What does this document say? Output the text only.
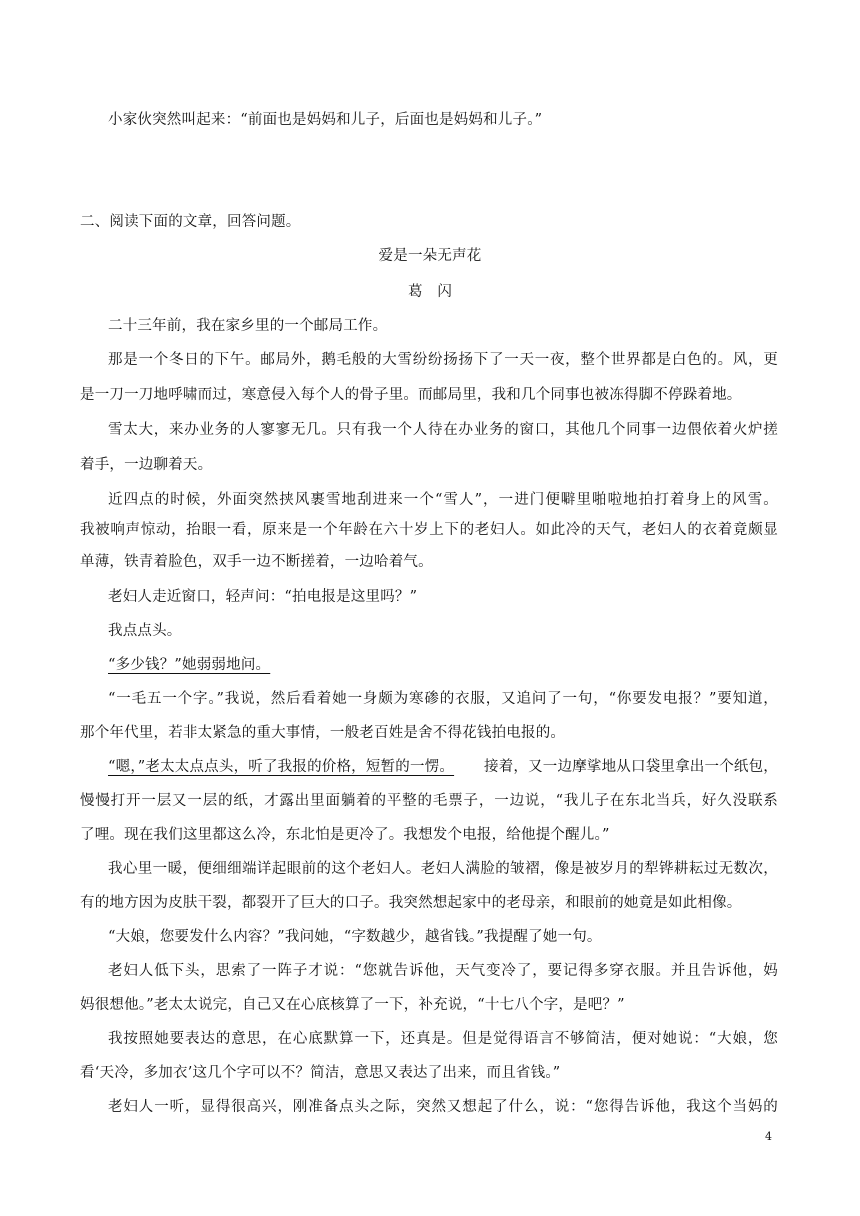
小家伙突然叫起来：“前面也是妈妈和儿子，后面也是妈妈和儿子。”
二、阅读下面的文章，回答问题。
爱是一朵无声花
葛　闪
二十三年前，我在家乡里的一个邮局工作。
那是一个冬日的下午。邮局外，鹅毛般的大雪纷纷扬扬下了一天一夜，整个世界都是白色的。风，更
是一刀一刀地呼啸而过，寒意侵入每个人的骨子里。而邮局里，我和几个同事也被冻得脚不停跺着地。
雪太大，来办业务的人寥寥无几。只有我一个人待在办业务的窗口，其他几个同事一边偎依着火炉搓
着手，一边聊着天。
近四点的时候，外面突然挟风裹雪地刮进来一个“雪人”，一进门便噼里啪啦地拍打着身上的风雪。
我被响声惊动，抬眼一看，原来是一个年龄在六十岁上下的老妇人。如此冷的天气，老妇人的衣着竟颇显
单薄，铁青着脸色，双手一边不断搓着，一边哈着气。
老妇人走近窗口，轻声问：“拍电报是这里吗？”
我点点头。
“多少钱？”她弱弱地问。
“一毛五一个字。”我说，然后看着她一身颇为寒碜的衣服，又追问了一句，“你要发电报？”要知道，
那个年代里，若非太紧急的重大事情，一般老百姓是舍不得花钱拍电报的。
“嗯，”老太太点点头，听了我报的价格，短暂的一愣。 接着，又一边摩挲地从口袋里拿出一个纸包，
慢慢打开一层又一层的纸，才露出里面躺着的平整的毛票子，一边说，“我儿子在东北当兵，好久没联系
了哩。现在我们这里都这么冷，东北怕是更冷了。我想发个电报，给他提个醒儿。”
我心里一暖，便细细端详起眼前的这个老妇人。老妇人满脸的皱褶，像是被岁月的犁铧耕耘过无数次，
有的地方因为皮肤干裂，都裂开了巨大的口子。我突然想起家中的老母亲，和眼前的她竟是如此相像。
“大娘，您要发什么内容？”我问她，“字数越少，越省钱。”我提醒了她一句。
老妇人低下头，思索了一阵子才说：“您就告诉他，天气变冷了，要记得多穿衣服。并且告诉他，妈
妈很想他。”老太太说完，自己又在心底核算了一下，补充说，“十七八个字，是吧？”
我按照她要表达的意思，在心底默算一下，还真是。但是觉得语言不够简洁，便对她说：“大娘，您
看‘天冷，多加衣’这几个字可以不？简洁，意思又表达了出来，而且省钱。”
老妇人一听，显得很高兴，刚准备点头之际，突然又想起了什么，说：“您得告诉他，我这个当妈的
4
